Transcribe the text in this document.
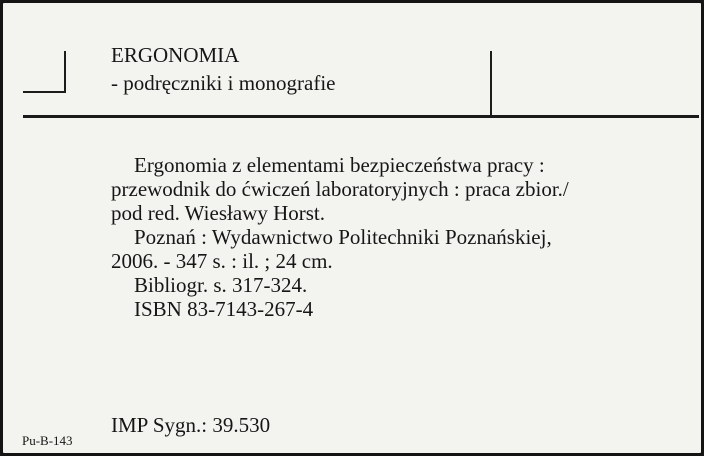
ERGONOMIA
- podręczniki i monografie
Ergonomia z elementami bezpieczeństwa pracy :
przewodnik do ćwiczeń laboratoryjnych : praca zbior./
pod red. Wiesławy Horst.
Poznań : Wydawnictwo Politechniki Poznańskiej,
2006. - 347 s. : il. ; 24 cm.
Bibliogr. s. 317-324.
ISBN 83-7143-267-4
IMP Sygn.: 39.530
Pu-B-143
